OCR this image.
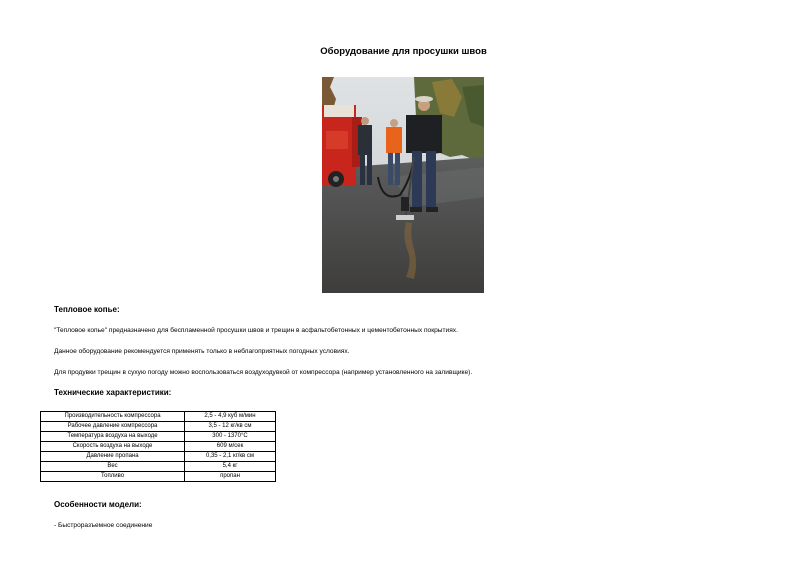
Оборудование для просушки швов
Тепловое копье:
"Тепловое копье" предназначено для беспламенной просушки швов и трещин в асфальтобетонных и цементобетонных покрытиях.
Данное оборудование рекомендуется применять только в неблагоприятных погодных условиях.
Для продувки трещин в сухую погоду можно воспользоваться воздуходувкой от компрессора (например установленного на заливщике).
Технические характеристики:
Производительность компрессора	2,5 - 4,9 куб м/мин
Рабочее давление компрессора	3,5 - 12 кг/кв см
Температура воздуха на выходе	300 - 1370°С
Скорость воздуха на выходе	609 м/сек
Давление пропана	0,35 - 2,1 кг/кв см
Вес	5,4 кг
Топливо	пропан
Особенности модели:
- Быстроразъемное соединение
